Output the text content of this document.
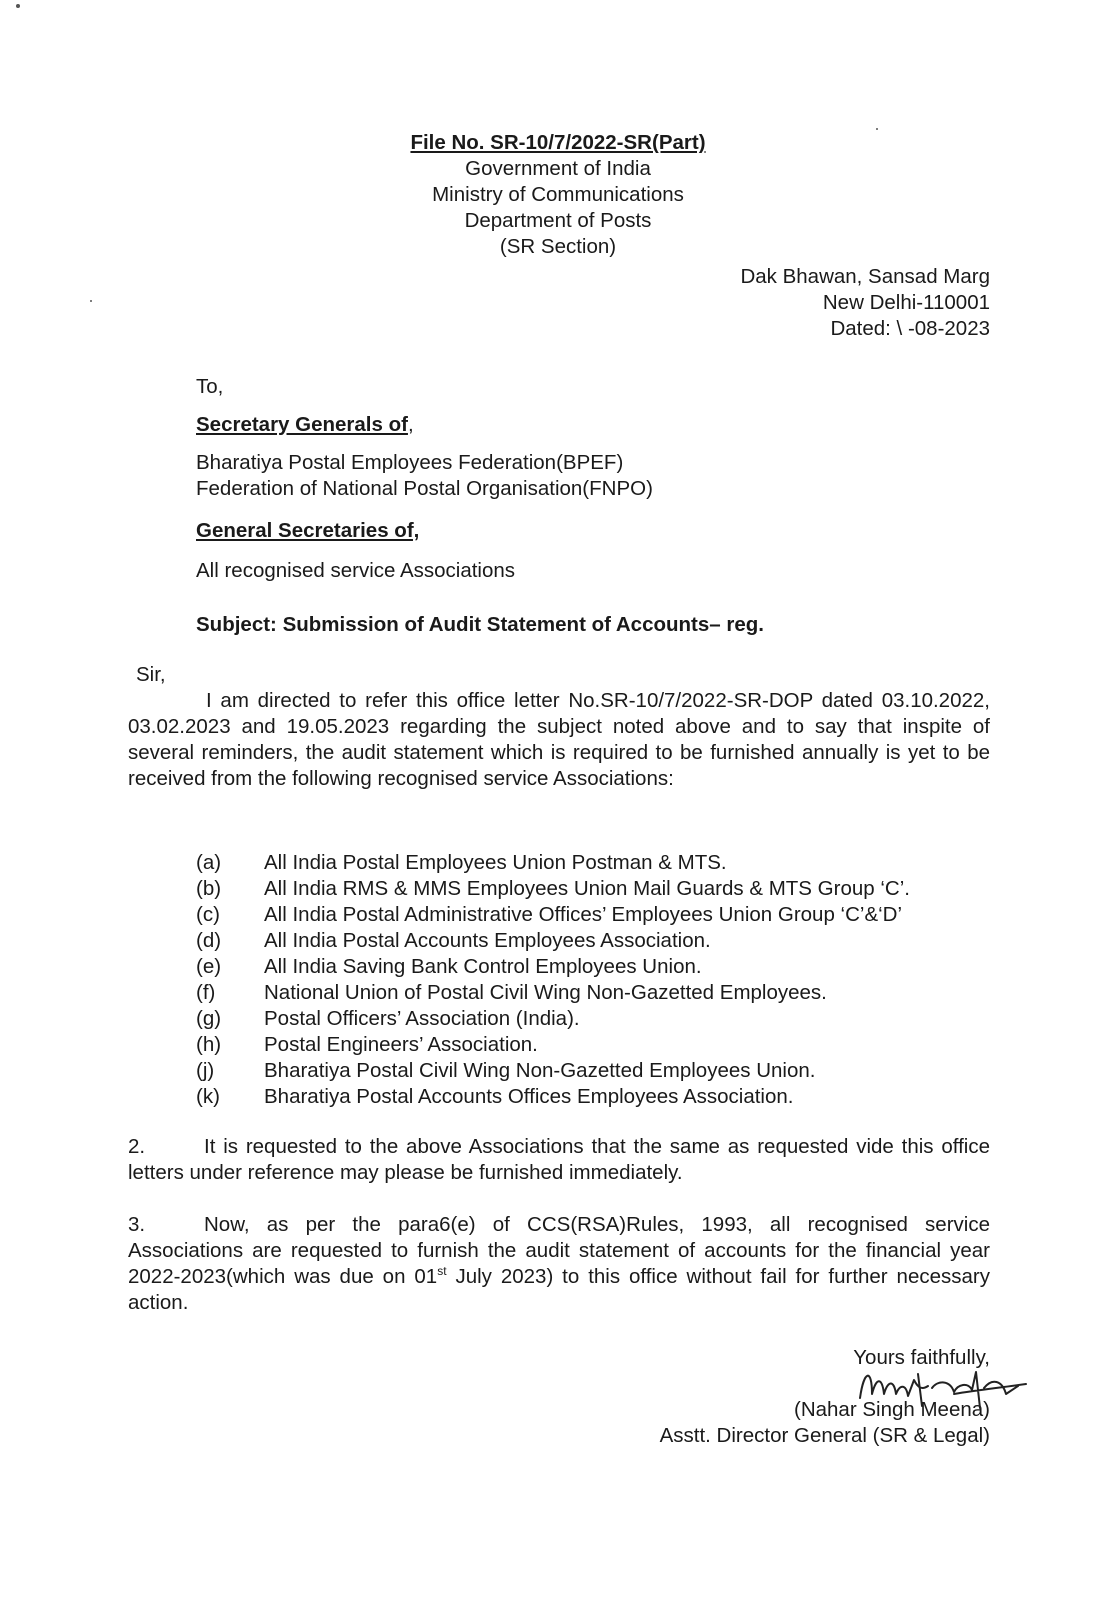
File No. SR-10/7/2022-SR(Part)
Government of India
Ministry of Communications
Department of Posts
(SR Section)
Dak Bhawan, Sansad Marg
New Delhi-110001
Dated: \ -08-2023
To,
Secretary Generals of,
Bharatiya Postal Employees Federation(BPEF)
Federation of National Postal Organisation(FNPO)
General Secretaries of,
All recognised service Associations
Subject: Submission of Audit Statement of Accounts– reg.
Sir,
I am directed to refer this office letter No.SR-10/7/2022-SR-DOP dated 03.10.2022, 03.02.2023 and 19.05.2023 regarding the subject noted above and to say that inspite of several reminders, the audit statement which is required to be furnished annually is yet to be received from the following recognised service Associations:
(a)	All India Postal Employees Union Postman & MTS.
(b)	All India RMS & MMS Employees Union Mail Guards & MTS Group ‘C’.
(c)	All India Postal Administrative Offices’ Employees Union Group ‘C’&‘D’
(d)	All India Postal Accounts Employees Association.
(e)	All India Saving Bank Control Employees Union.
(f)	National Union of Postal Civil Wing Non-Gazetted Employees.
(g)	Postal Officers’ Association (India).
(h)	Postal Engineers’ Association.
(j)	Bharatiya Postal Civil Wing Non-Gazetted Employees Union.
(k)	Bharatiya Postal Accounts Offices Employees Association.
2.	It is requested to the above Associations that the same as requested vide this office letters under reference may please be furnished immediately.
3.	Now, as per the para6(e) of CCS(RSA)Rules, 1993, all recognised service Associations are requested to furnish the audit statement of accounts for the financial year 2022-2023(which was due on 01st July 2023) to this office without fail for further necessary action.
Yours faithfully,
(Nahar Singh Meena)
Asstt. Director General (SR & Legal)
